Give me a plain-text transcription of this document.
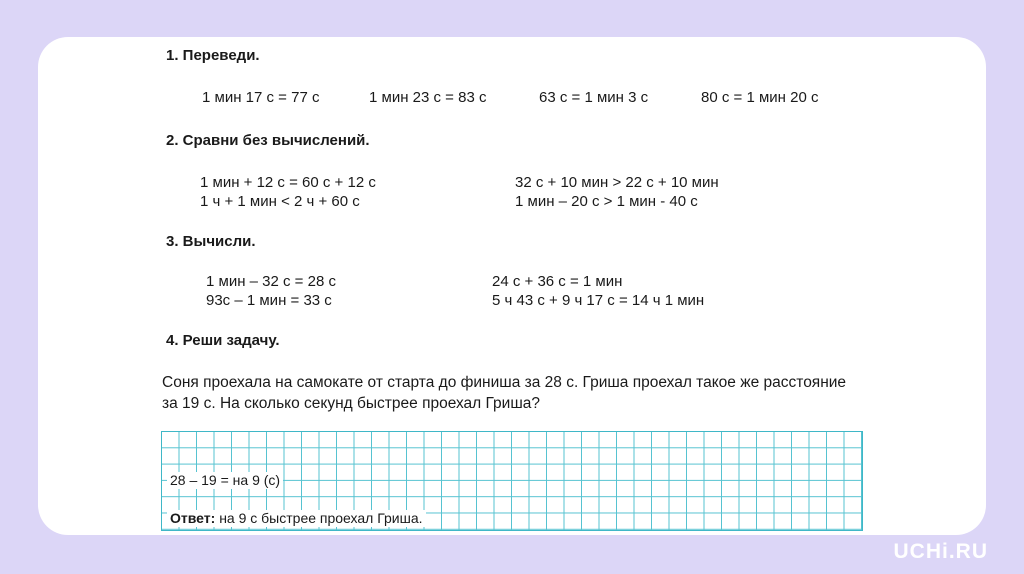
1. Переведи.
1 мин 17 с = 77 с	1 мин 23 с = 83 с	63 с = 1 мин 3 с	80 с = 1 мин 20 с
2. Сравни без вычислений.
1 мин + 12 с = 60 с + 12 с	32 с + 10 мин > 22 с + 10 мин
1 ч + 1 мин < 2 ч + 60 с	1 мин – 20 с > 1 мин - 40 с
3. Вычисли.
1 мин – 32 с = 28 с	24 с + 36 с = 1 мин
93с – 1 мин = 33 с	5 ч 43 с + 9 ч 17 с = 14 ч 1 мин
4. Реши задачу.
Соня проехала на самокате от старта до финиша за 28 с. Гриша проехал такое же расстояние за 19 с. На сколько секунд быстрее проехал Гриша?
28 – 19 = на 9 (с)
Ответ: на 9 с быстрее проехал Гриша.
UCHi.RU
